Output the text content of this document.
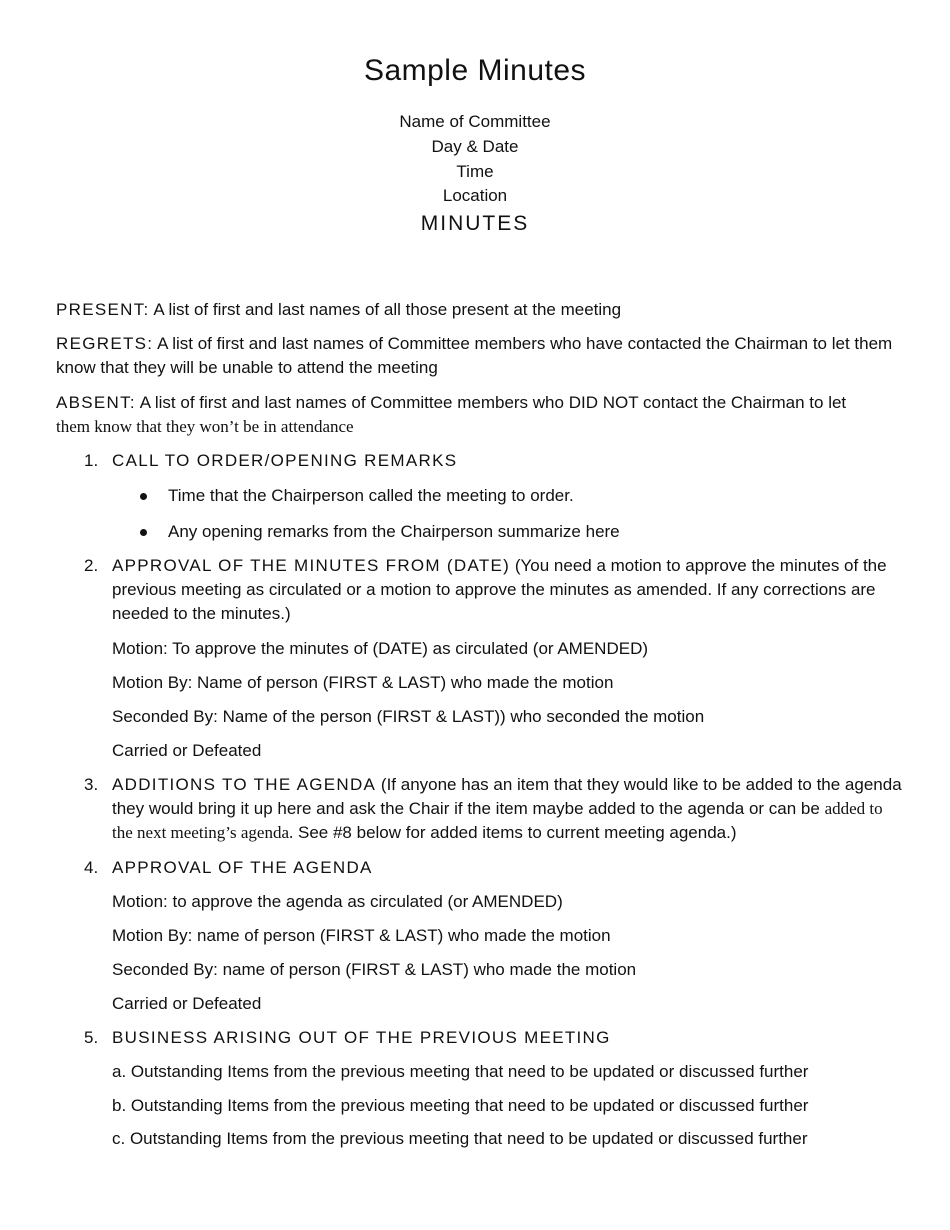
Sample Minutes
Name of Committee
Day & Date
Time
Location
MINUTES
PRESENT: A list of first and last names of all those present at the meeting
REGRETS: A list of first and last names of Committee members who have contacted the Chairman to let them know that they will be unable to attend the meeting
ABSENT: A list of first and last names of Committee members who DID NOT contact the Chairman to let
them know that they won’t be in attendance
1. CALL TO ORDER/OPENING REMARKS
Time that the Chairperson called the meeting to order.
Any opening remarks from the Chairperson summarize here
2. APPROVAL OF THE MINUTES FROM (DATE) (You need a motion to approve the minutes of the previous meeting as circulated or a motion to approve the minutes as amended. If any corrections are needed to the minutes.)
Motion: To approve the minutes of (DATE) as circulated (or AMENDED)
Motion By: Name of person (FIRST & LAST) who made the motion
Seconded By: Name of the person (FIRST & LAST)) who seconded the motion
Carried or Defeated
3. ADDITIONS TO THE AGENDA (If anyone has an item that they would like to be added to the agenda they would bring it up here and ask the Chair if the item maybe added to the agenda or can be added to the next meeting’s agenda. See #8 below for added items to current meeting agenda.)
4. APPROVAL OF THE AGENDA
Motion: to approve the agenda as circulated (or AMENDED)
Motion By: name of person (FIRST & LAST) who made the motion
Seconded By: name of person (FIRST & LAST) who made the motion
Carried or Defeated
5. BUSINESS ARISING OUT OF THE PREVIOUS MEETING
a. Outstanding Items from the previous meeting that need to be updated or discussed further
b. Outstanding Items from the previous meeting that need to be updated or discussed further
c. Outstanding Items from the previous meeting that need to be updated or discussed further
